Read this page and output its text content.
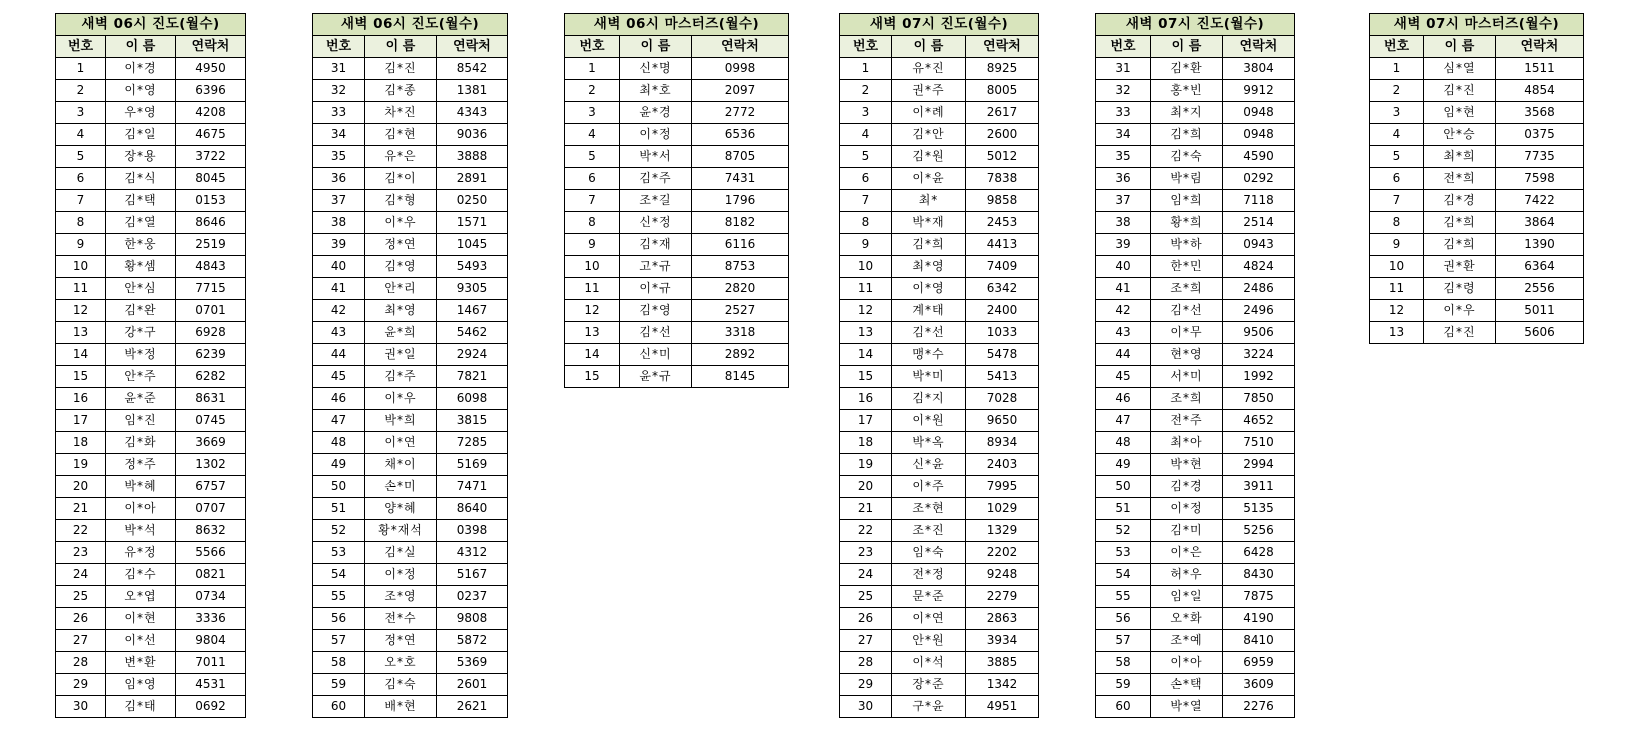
새벽 06시 진도(월수)		
번호	이 름	연락처
1	이*경	4950
2	이*영	6396
3	우*영	4208
4	김*일	4675
5	장*용	3722
6	김*식	8045
7	김*택	0153
8	김*열	8646
9	한*웅	2519
10	황*셈	4843
11	안*심	7715
12	김*완	0701
13	강*구	6928
14	박*정	6239
15	안*주	6282
16	윤*준	8631
17	임*진	0745
18	김*화	3669
19	정*주	1302
20	박*혜	6757
21	이*아	0707
22	박*석	8632
23	유*정	5566
24	김*수	0821
25	오*엽	0734
26	이*현	3336
27	이*선	9804
28	변*환	7011
29	임*영	4531
30	김*태	0692
새벽 06시 진도(월수)		
번호	이 름	연락처
31	김*진	8542
32	김*종	1381
33	차*진	4343
34	김*현	9036
35	유*은	3888
36	김*이	2891
37	김*형	0250
38	이*우	1571
39	정*연	1045
40	김*영	5493
41	안*리	9305
42	최*영	1467
43	윤*희	5462
44	권*일	2924
45	김*주	7821
46	이*우	6098
47	박*희	3815
48	이*연	7285
49	채*이	5169
50	손*미	7471
51	양*혜	8640
52	황*재석	0398
53	김*실	4312
54	이*정	5167
55	조*영	0237
56	전*수	9808
57	정*연	5872
58	오*호	5369
59	김*숙	2601
60	배*현	2621
새벽 06시 마스터즈(월수)		
번호	이 름	연락처
1	신*명	0998
2	최*호	2097
3	윤*경	2772
4	이*정	6536
5	박*서	8705
6	김*주	7431
7	조*길	1796
8	신*정	8182
9	김*재	6116
10	고*규	8753
11	이*규	2820
12	김*영	2527
13	김*선	3318
14	신*미	2892
15	윤*규	8145
새벽 07시 진도(월수)		
번호	이 름	연락처
1	유*진	8925
2	권*주	8005
3	이*례	2617
4	김*안	2600
5	김*원	5012
6	이*윤	7838
7	최*	9858
8	박*재	2453
9	김*희	4413
10	최*영	7409
11	이*영	6342
12	계*태	2400
13	김*선	1033
14	맹*수	5478
15	박*미	5413
16	김*지	7028
17	이*원	9650
18	박*옥	8934
19	신*윤	2403
20	이*주	7995
21	조*현	1029
22	조*진	1329
23	임*숙	2202
24	전*정	9248
25	문*준	2279
26	이*연	2863
27	안*원	3934
28	이*석	3885
29	장*준	1342
30	구*윤	4951
새벽 07시 진도(월수)		
번호	이 름	연락처
31	김*환	3804
32	홍*빈	9912
33	최*지	0948
34	김*희	0948
35	김*숙	4590
36	박*림	0292
37	임*희	7118
38	황*희	2514
39	박*하	0943
40	한*민	4824
41	조*희	2486
42	김*선	2496
43	이*무	9506
44	현*영	3224
45	서*미	1992
46	조*희	7850
47	전*주	4652
48	최*아	7510
49	박*현	2994
50	김*경	3911
51	이*정	5135
52	김*미	5256
53	이*은	6428
54	허*우	8430
55	임*일	7875
56	오*화	4190
57	조*예	8410
58	이*아	6959
59	손*택	3609
60	박*열	2276
새벽 07시 마스터즈(월수)		
번호	이 름	연락처
1	심*열	1511
2	김*진	4854
3	임*현	3568
4	안*승	0375
5	최*희	7735
6	전*희	7598
7	김*경	7422
8	김*희	3864
9	김*희	1390
10	권*환	6364
11	김*령	2556
12	이*우	5011
13	김*진	5606
